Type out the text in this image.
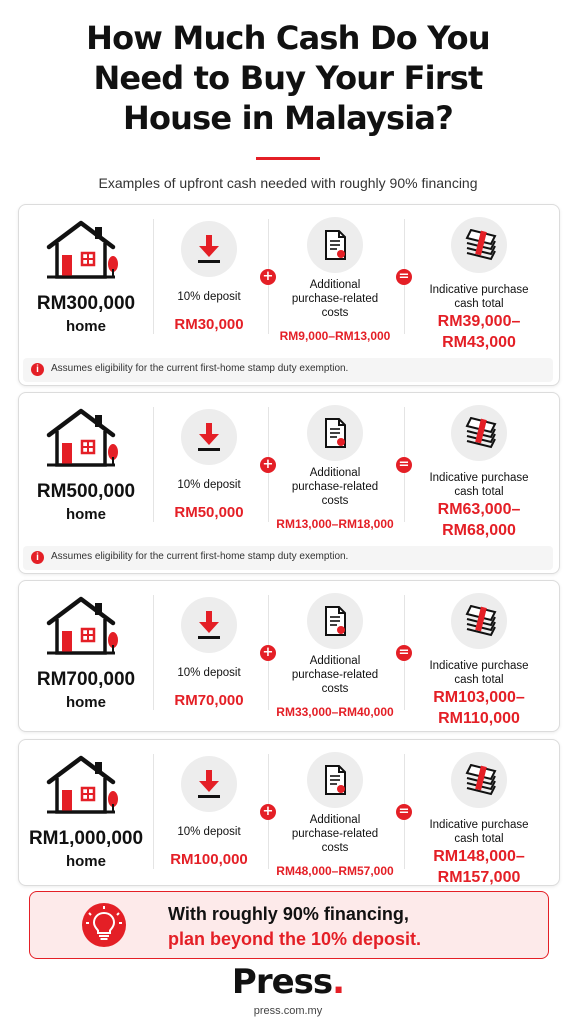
How Much Cash Do You
Need to Buy Your First
House in Malaysia?
Examples of upfront cash needed with roughly 90% financing
RM300,000
home
10% deposit
RM30,000
+
Additional
purchase-related
costs
RM9,000–RM13,000
=
Indicative purchase
cash total
RM39,000–
RM43,000
i	Assumes eligibility for the current first-home stamp duty exemption.
RM500,000
home
10% deposit
RM50,000
+
Additional
purchase-related
costs
RM13,000–RM18,000
=
Indicative purchase
cash total
RM63,000–
RM68,000
i	Assumes eligibility for the current first-home stamp duty exemption.
RM700,000
home
10% deposit
RM70,000
+
Additional
purchase-related
costs
RM33,000–RM40,000
=
Indicative purchase
cash total
RM103,000–
RM110,000
RM1,000,000
home
10% deposit
RM100,000
+
Additional
purchase-related
costs
RM48,000–RM57,000
=
Indicative purchase
cash total
RM148,000–
RM157,000
With roughly 90% financing,
plan beyond the 10% deposit.
Press.
press.com.my
